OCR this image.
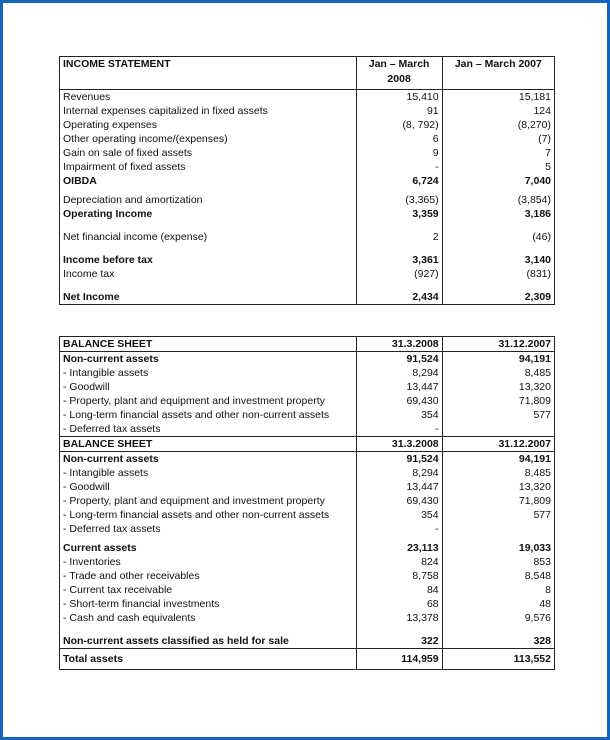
INCOME STATEMENT	Jan – March 2008	Jan – March 2007
Revenues	15,410	15,181
Internal expenses capitalized in fixed assets	91	124
Operating expenses	(8, 792)	(8,270)
Other operating income/(expenses)	6	(7)
Gain on sale of fixed assets	9	7
Impairment of fixed assets	-	5
OIBDA	6,724	7,040
Depreciation and amortization	(3,365)	(3,854)
Operating Income	3,359	3,186
Net financial income (expense)	2	(46)
Income before tax	3,361	3,140
Income tax	(927)	(831)
Net Income	2,434	2,309
BALANCE SHEET	31.3.2008	31.12.2007
Non-current assets	91,524	94,191
- Intangible assets	8,294	8,485
- Goodwill	13,447	13,320
- Property, plant and equipment and investment property	69,430	71,809
- Long-term financial assets and other non-current assets	354	577
- Deferred tax assets	-	
BALANCE SHEET	31.3.2008	31.12.2007
Non-current assets	91,524	94,191
- Intangible assets	8,294	8,485
- Goodwill	13,447	13,320
- Property, plant and equipment and investment property	69,430	71,809
- Long-term financial assets and other non-current assets	354	577
- Deferred tax assets	-	
Current assets	23,113	19,033
- Inventories	824	853
- Trade and other receivables	8,758	8,548
- Current tax receivable	84	8
- Short-term financial investments	68	48
- Cash and cash equivalents	13,378	9,576
Non-current assets classified as held for sale	322	328
Total assets	114,959	113,552
